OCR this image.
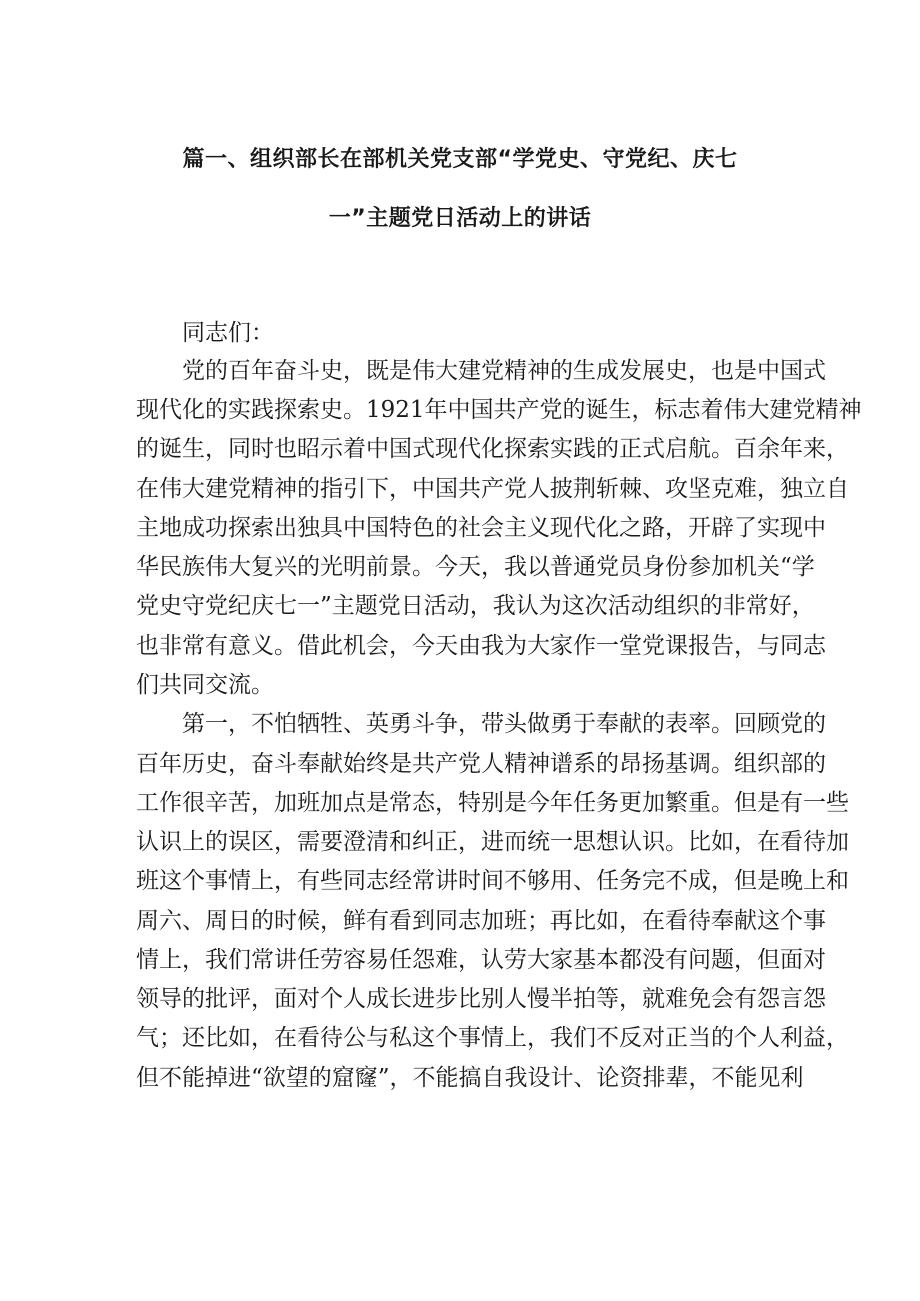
篇一、组织部长在部机关党支部“学党史、守党纪、庆七
一”主题党日活动上的讲话

同志们：

党的百年奋斗史，既是伟大建党精神的生成发展史，也是中国式

现代化的实践探索史。1921年中国共产党的诞生，标志着伟大建党精神

的诞生，同时也昭示着中国式现代化探索实践的正式启航。百余年来，

在伟大建党精神的指引下，中国共产党人披荆斩棘、攻坚克难，独立自

主地成功探索出独具中国特色的社会主义现代化之路，开辟了实现中

华民族伟大复兴的光明前景。今天，我以普通党员身份参加机关“学

党史守党纪庆七一”主题党日活动，我认为这次活动组织的非常好，

也非常有意义。借此机会，今天由我为大家作一堂党课报告，与同志

们共同交流。

第一，不怕牺牲、英勇斗争，带头做勇于奉献的表率。回顾党的

百年历史，奋斗奉献始终是共产党人精神谱系的昂扬基调。组织部的

工作很辛苦，加班加点是常态，特别是今年任务更加繁重。但是有一些

认识上的误区，需要澄清和纠正，进而统一思想认识。比如，在看待加

班这个事情上，有些同志经常讲时间不够用、任务完不成，但是晚上和

周六、周日的时候，鲜有看到同志加班；再比如，在看待奉献这个事

情上，我们常讲任劳容易任怨难，认劳大家基本都没有问题，但面对

领导的批评，面对个人成长进步比别人慢半拍等，就难免会有怨言怨

气；还比如，在看待公与私这个事情上，我们不反对正当的个人利益，

但不能掉进“欲望的窟窿”，不能搞自我设计、论资排辈，不能见利
